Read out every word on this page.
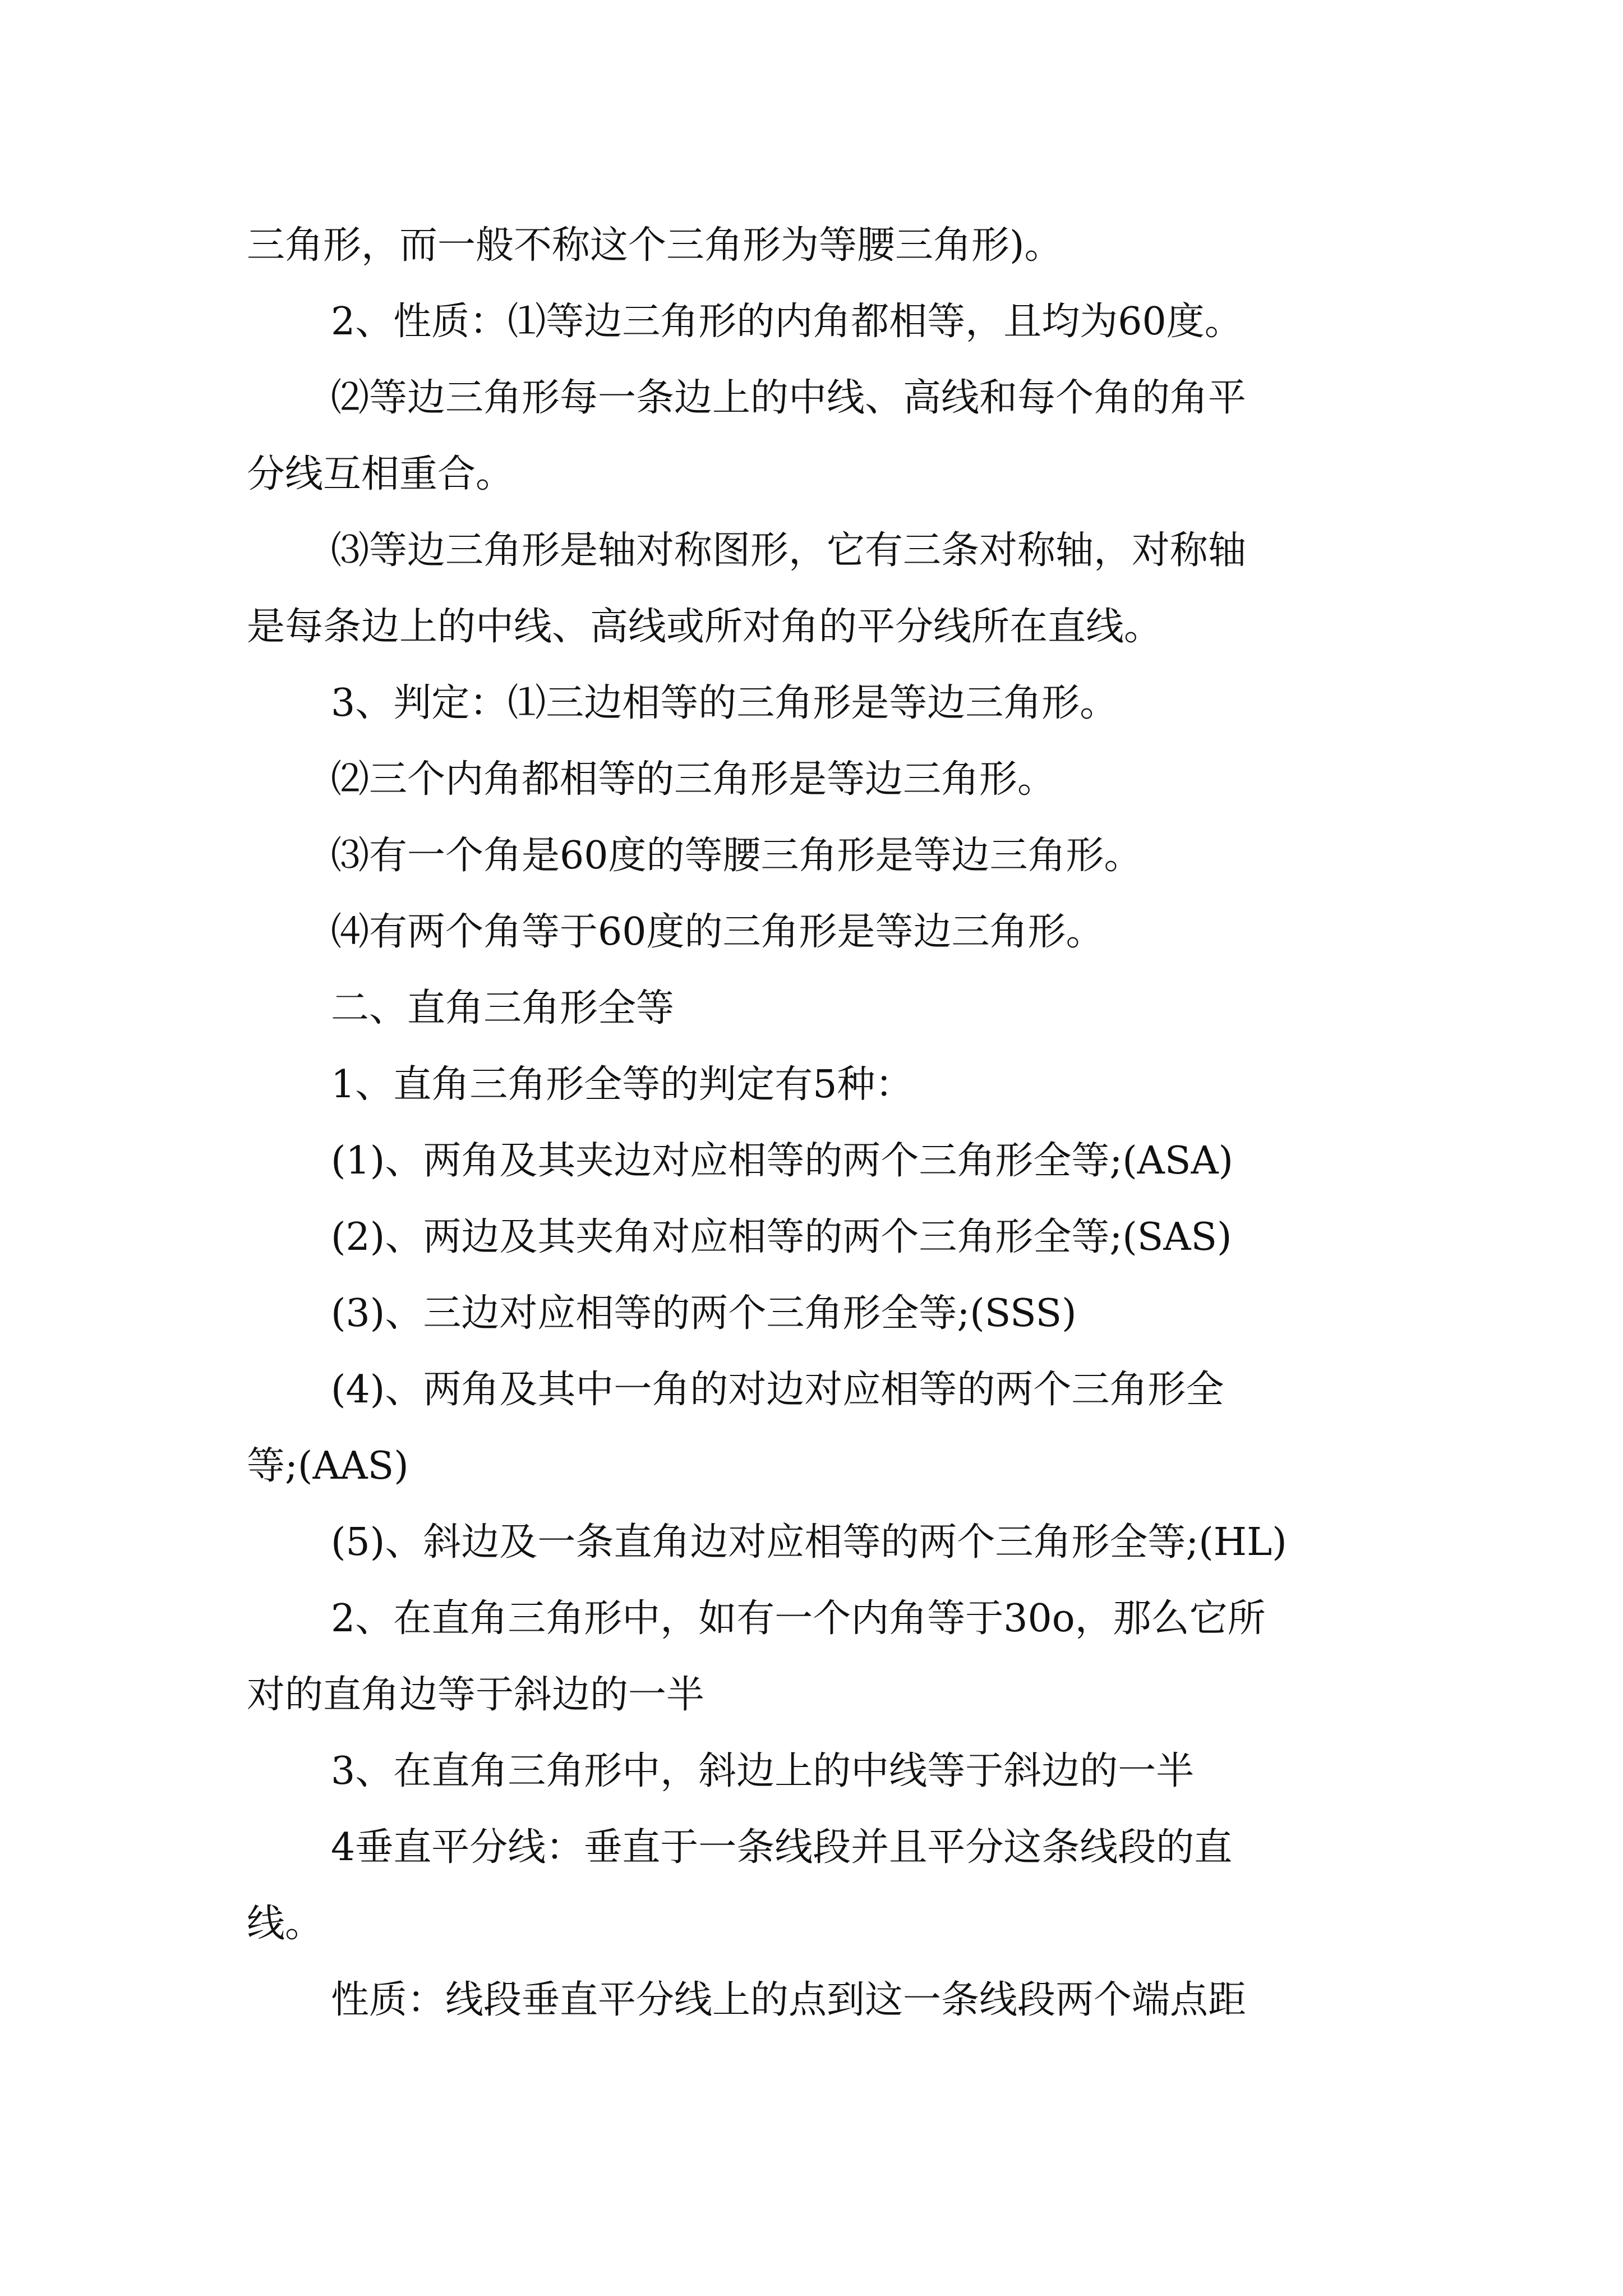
三角形，而一般不称这个三角形为等腰三角形)。
2、性质：⑴等边三角形的内角都相等，且均为60度。
⑵等边三角形每一条边上的中线、高线和每个角的角平
分线互相重合。
⑶等边三角形是轴对称图形，它有三条对称轴，对称轴
是每条边上的中线、高线或所对角的平分线所在直线。
3、判定：⑴三边相等的三角形是等边三角形。
⑵三个内角都相等的三角形是等边三角形。
⑶有一个角是60度的等腰三角形是等边三角形。
⑷有两个角等于60度的三角形是等边三角形。
二、直角三角形全等
1、直角三角形全等的判定有5种：
(1)、两角及其夹边对应相等的两个三角形全等;(ASA)
(2)、两边及其夹角对应相等的两个三角形全等;(SAS)
(3)、三边对应相等的两个三角形全等;(SSS)
(4)、两角及其中一角的对边对应相等的两个三角形全
等;(AAS)
(5)、斜边及一条直角边对应相等的两个三角形全等;(HL)
2、在直角三角形中，如有一个内角等于30o，那么它所
对的直角边等于斜边的一半
3、在直角三角形中，斜边上的中线等于斜边的一半
4垂直平分线：垂直于一条线段并且平分这条线段的直
线。
性质：线段垂直平分线上的点到这一条线段两个端点距
